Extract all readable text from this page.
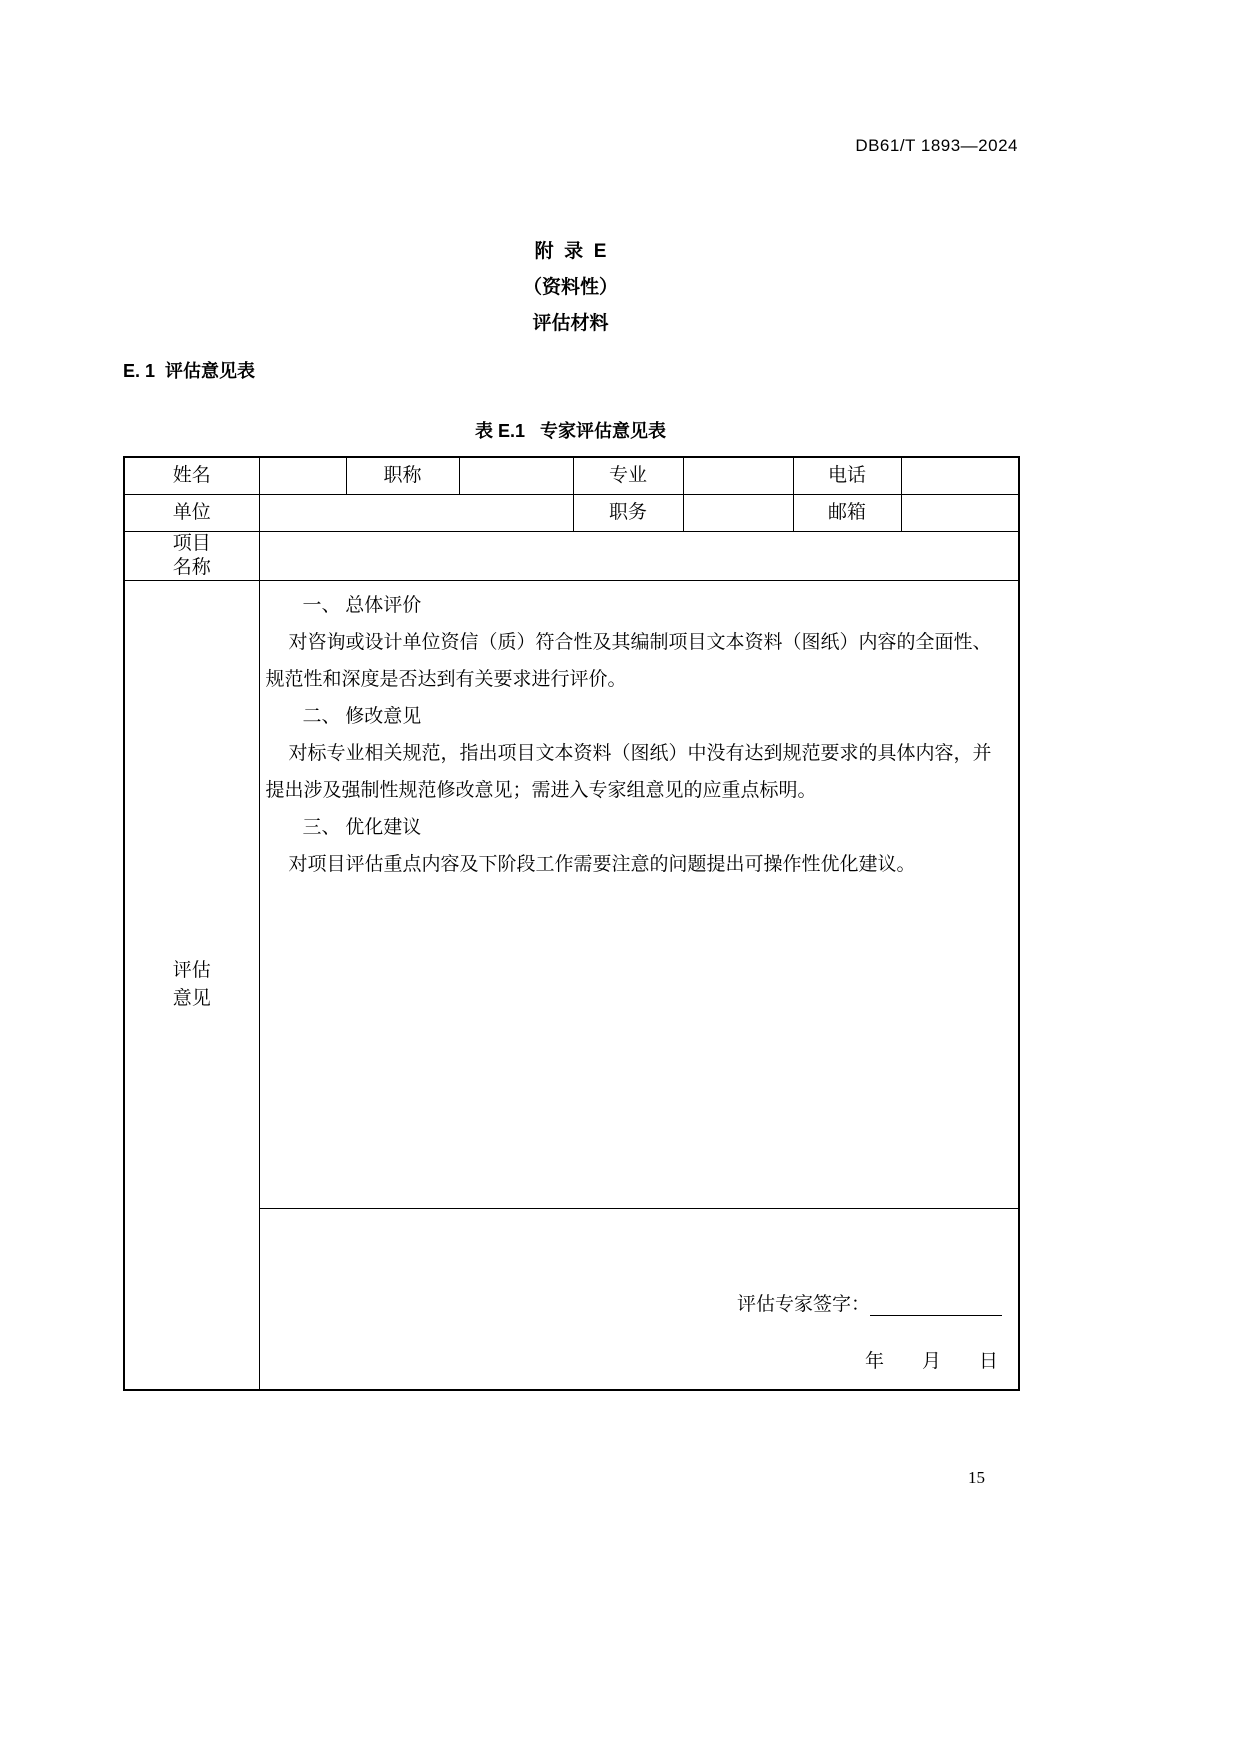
DB61/T 1893—2024
附  录  E
（资料性）
评估材料
E. 1  评估意见表
表 E.1   专家评估意见表
姓名		职称		专业		电话	
单位				职务		邮箱	

项目
名称							

评估
意见

一、 总体评价

对咨询或设计单位资信（质）符合性及其编制项目文本资料（图纸）内容的全面性、规范性和深度是否达到有关要求进行评价。

二、 修改意见

对标专业相关规范，指出项目文本资料（图纸）中没有达到规范要求的具体内容，并提出涉及强制性规范修改意见；需进入专家组意见的应重点标明。

三、 优化建议

对项目评估重点内容及下阶段工作需要注意的问题提出可操作性优化建议。

	评估专家签字：
年 月 日						
15
